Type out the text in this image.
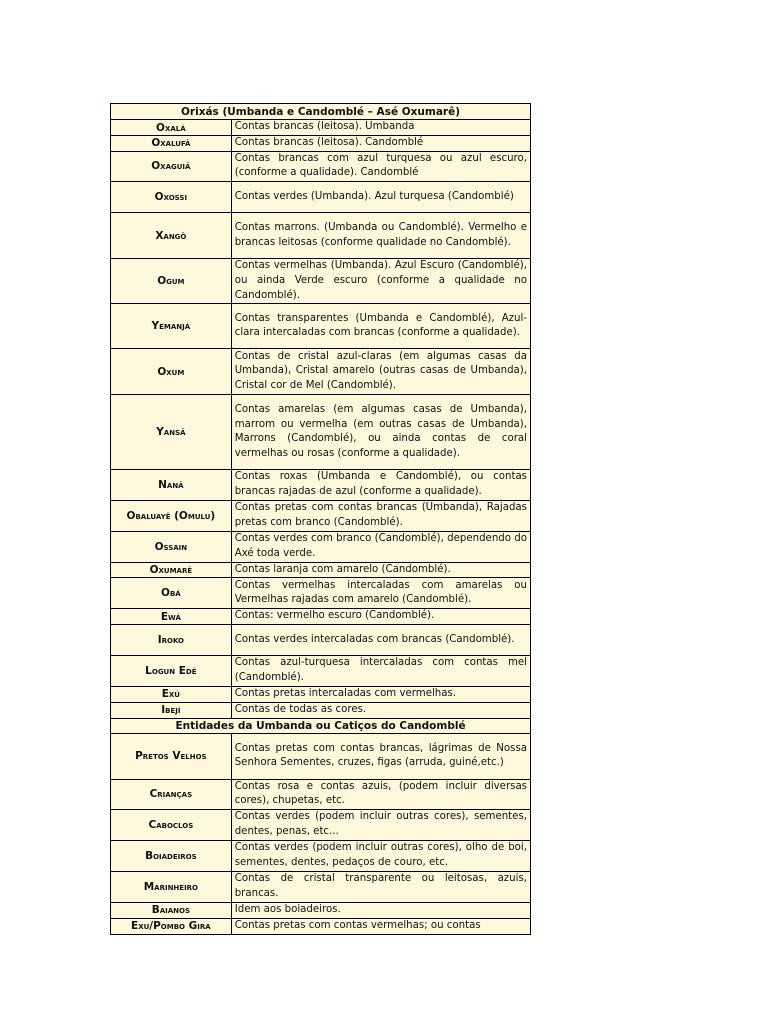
Orixás (Umbanda e Candomblé – Asé Oxumarê)	
Oxalá	Contas brancas (leitosa). Umbanda
Oxalufã	Contas brancas (leitosa). Candomblé
Oxaguiã	Contas brancas com azul turquesa ou azul escuro, (conforme a qualidade). Candomblé
Oxossi	Contas verdes (Umbanda). Azul turquesa (Candomblé)
Xangô	Contas marrons. (Umbanda ou Candomblé). Vermelho e brancas leitosas (conforme qualidade no Candomblé).
Ogum	Contas vermelhas (Umbanda). Azul Escuro (Candomblé), ou ainda Verde escuro (conforme a qualidade no Candomblé).
Yemanjá	Contas transparentes (Umbanda e Candomblé), Azul-clara intercaladas com brancas (conforme a qualidade).
Oxum	Contas de cristal azul-claras (em algumas casas da Umbanda), Cristal amarelo (outras casas de Umbanda), Cristal cor de Mel (Candomblé).
Yansã	Contas amarelas (em algumas casas de Umbanda), marrom ou vermelha (em outras casas de Umbanda), Marrons (Candomblé), ou ainda contas de coral vermelhas ou rosas (conforme a qualidade).
Nanã	Contas roxas (Umbanda e Candomblé), ou contas brancas rajadas de azul (conforme a qualidade).
Obaluayê (Omulu)	Contas pretas com contas brancas (Umbanda), Rajadas pretas com branco (Candomblé).
Ossain	Contas verdes com branco (Candomblé), dependendo do Axé toda verde.
Oxumarê	Contas laranja com amarelo (Candomblé).
Obá	Contas vermelhas intercaladas com amarelas ou Vermelhas rajadas com amarelo (Candomblé).
Ewá	Contas: vermelho escuro (Candomblé).
Iroko	Contas verdes intercaladas com brancas (Candomblé).
Logun Edé	Contas azul-turquesa intercaladas com contas mel (Candomblé).
Exú	Contas pretas intercaladas com vermelhas.
Ibejí	Contas de todas as cores.
Entidades da Umbanda ou Catiços do Candomblé	
Pretos Velhos	Contas pretas com contas brancas, lágrimas de Nossa Senhora Sementes, cruzes, figas (arruda, guiné,etc.)
Crianças	Contas rosa e contas azuis, (podem incluir diversas cores), chupetas, etc.
Caboclos	Contas verdes (podem incluir outras cores), sementes, dentes, penas, etc...
Boiadeiros	Contas verdes (podem incluir outras cores), olho de boi, sementes, dentes, pedaços de couro, etc.
Marinheiro	Contas de cristal transparente ou leitosas, azuis, brancas.
Baianos	Idem aos boiadeiros.
Exu/Pombo Gira	Contas pretas com contas vermelhas; ou contas
